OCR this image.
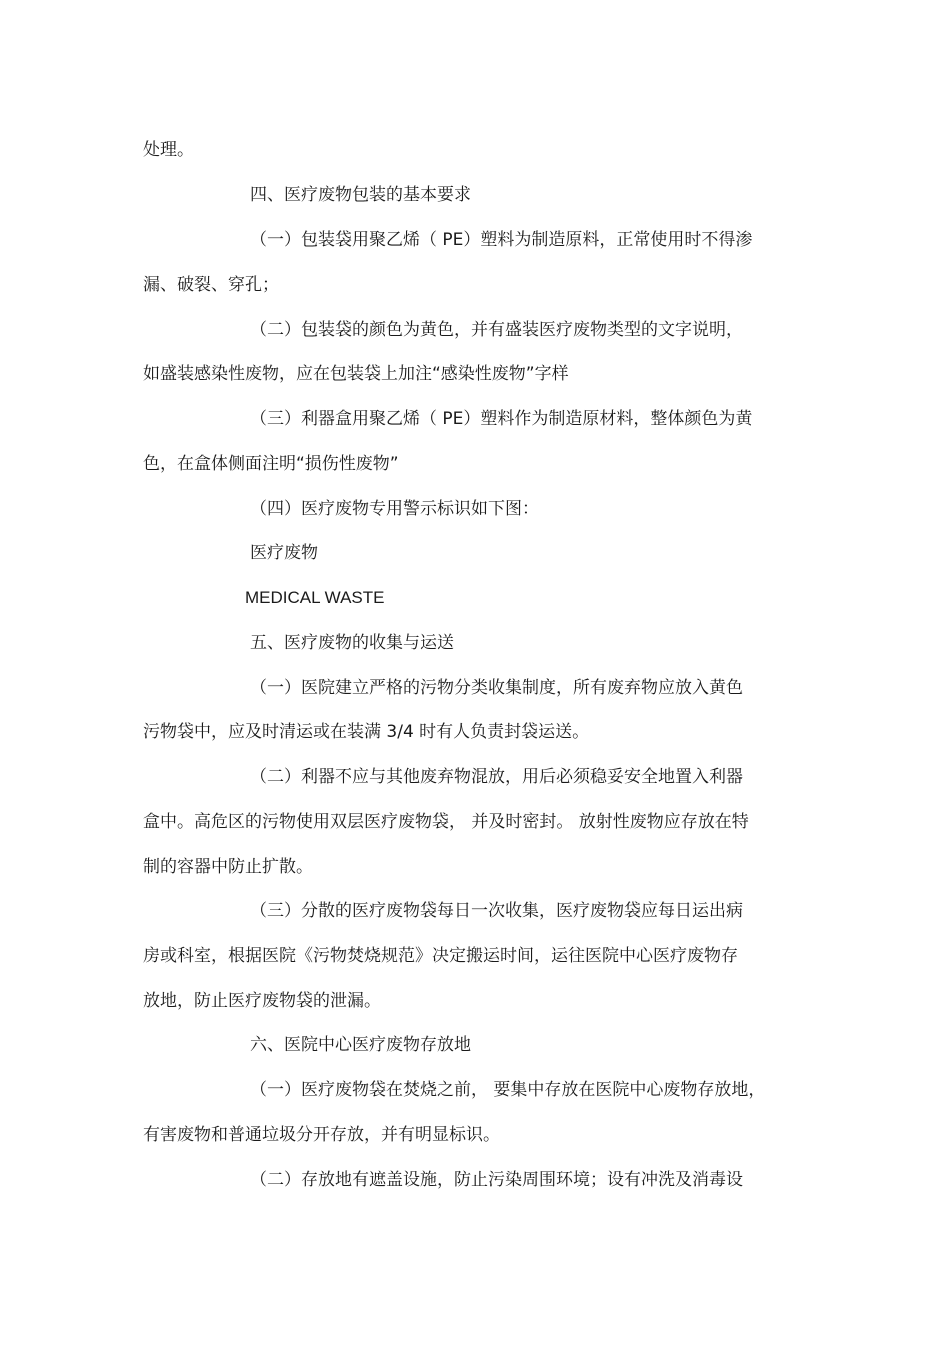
处理。
四、医疗废物包装的基本要求
（一）包装袋用聚乙烯（ PE）塑料为制造原料，正常使用时不得渗
漏、破裂、穿孔；
（二）包装袋的颜色为黄色，并有盛装医疗废物类型的文字说明，
如盛装感染性废物，应在包装袋上加注“感染性废物”字样
（三）利器盒用聚乙烯（ PE）塑料作为制造原材料，整体颜色为黄
色，在盒体侧面注明“损伤性废物”
（四）医疗废物专用警示标识如下图：
医疗废物
MEDICAL WASTE
五、医疗废物的收集与运送
（一）医院建立严格的污物分类收集制度，所有废弃物应放入黄色
污物袋中，应及时清运或在装满 3/4 时有人负责封袋运送。
（二）利器不应与其他废弃物混放，用后必须稳妥安全地置入利器
盒中。高危区的污物使用双层医疗废物袋， 并及时密封。 放射性废物应存放在特
制的容器中防止扩散。
（三）分散的医疗废物袋每日一次收集，医疗废物袋应每日运出病
房或科室，根据医院《污物焚烧规范》决定搬运时间，运往医院中心医疗废物存
放地，防止医疗废物袋的泄漏。
六、医院中心医疗废物存放地
（一）医疗废物袋在焚烧之前， 要集中存放在医院中心废物存放地，
有害废物和普通垃圾分开存放，并有明显标识。
（二）存放地有遮盖设施，防止污染周围环境；设有冲洗及消毒设
